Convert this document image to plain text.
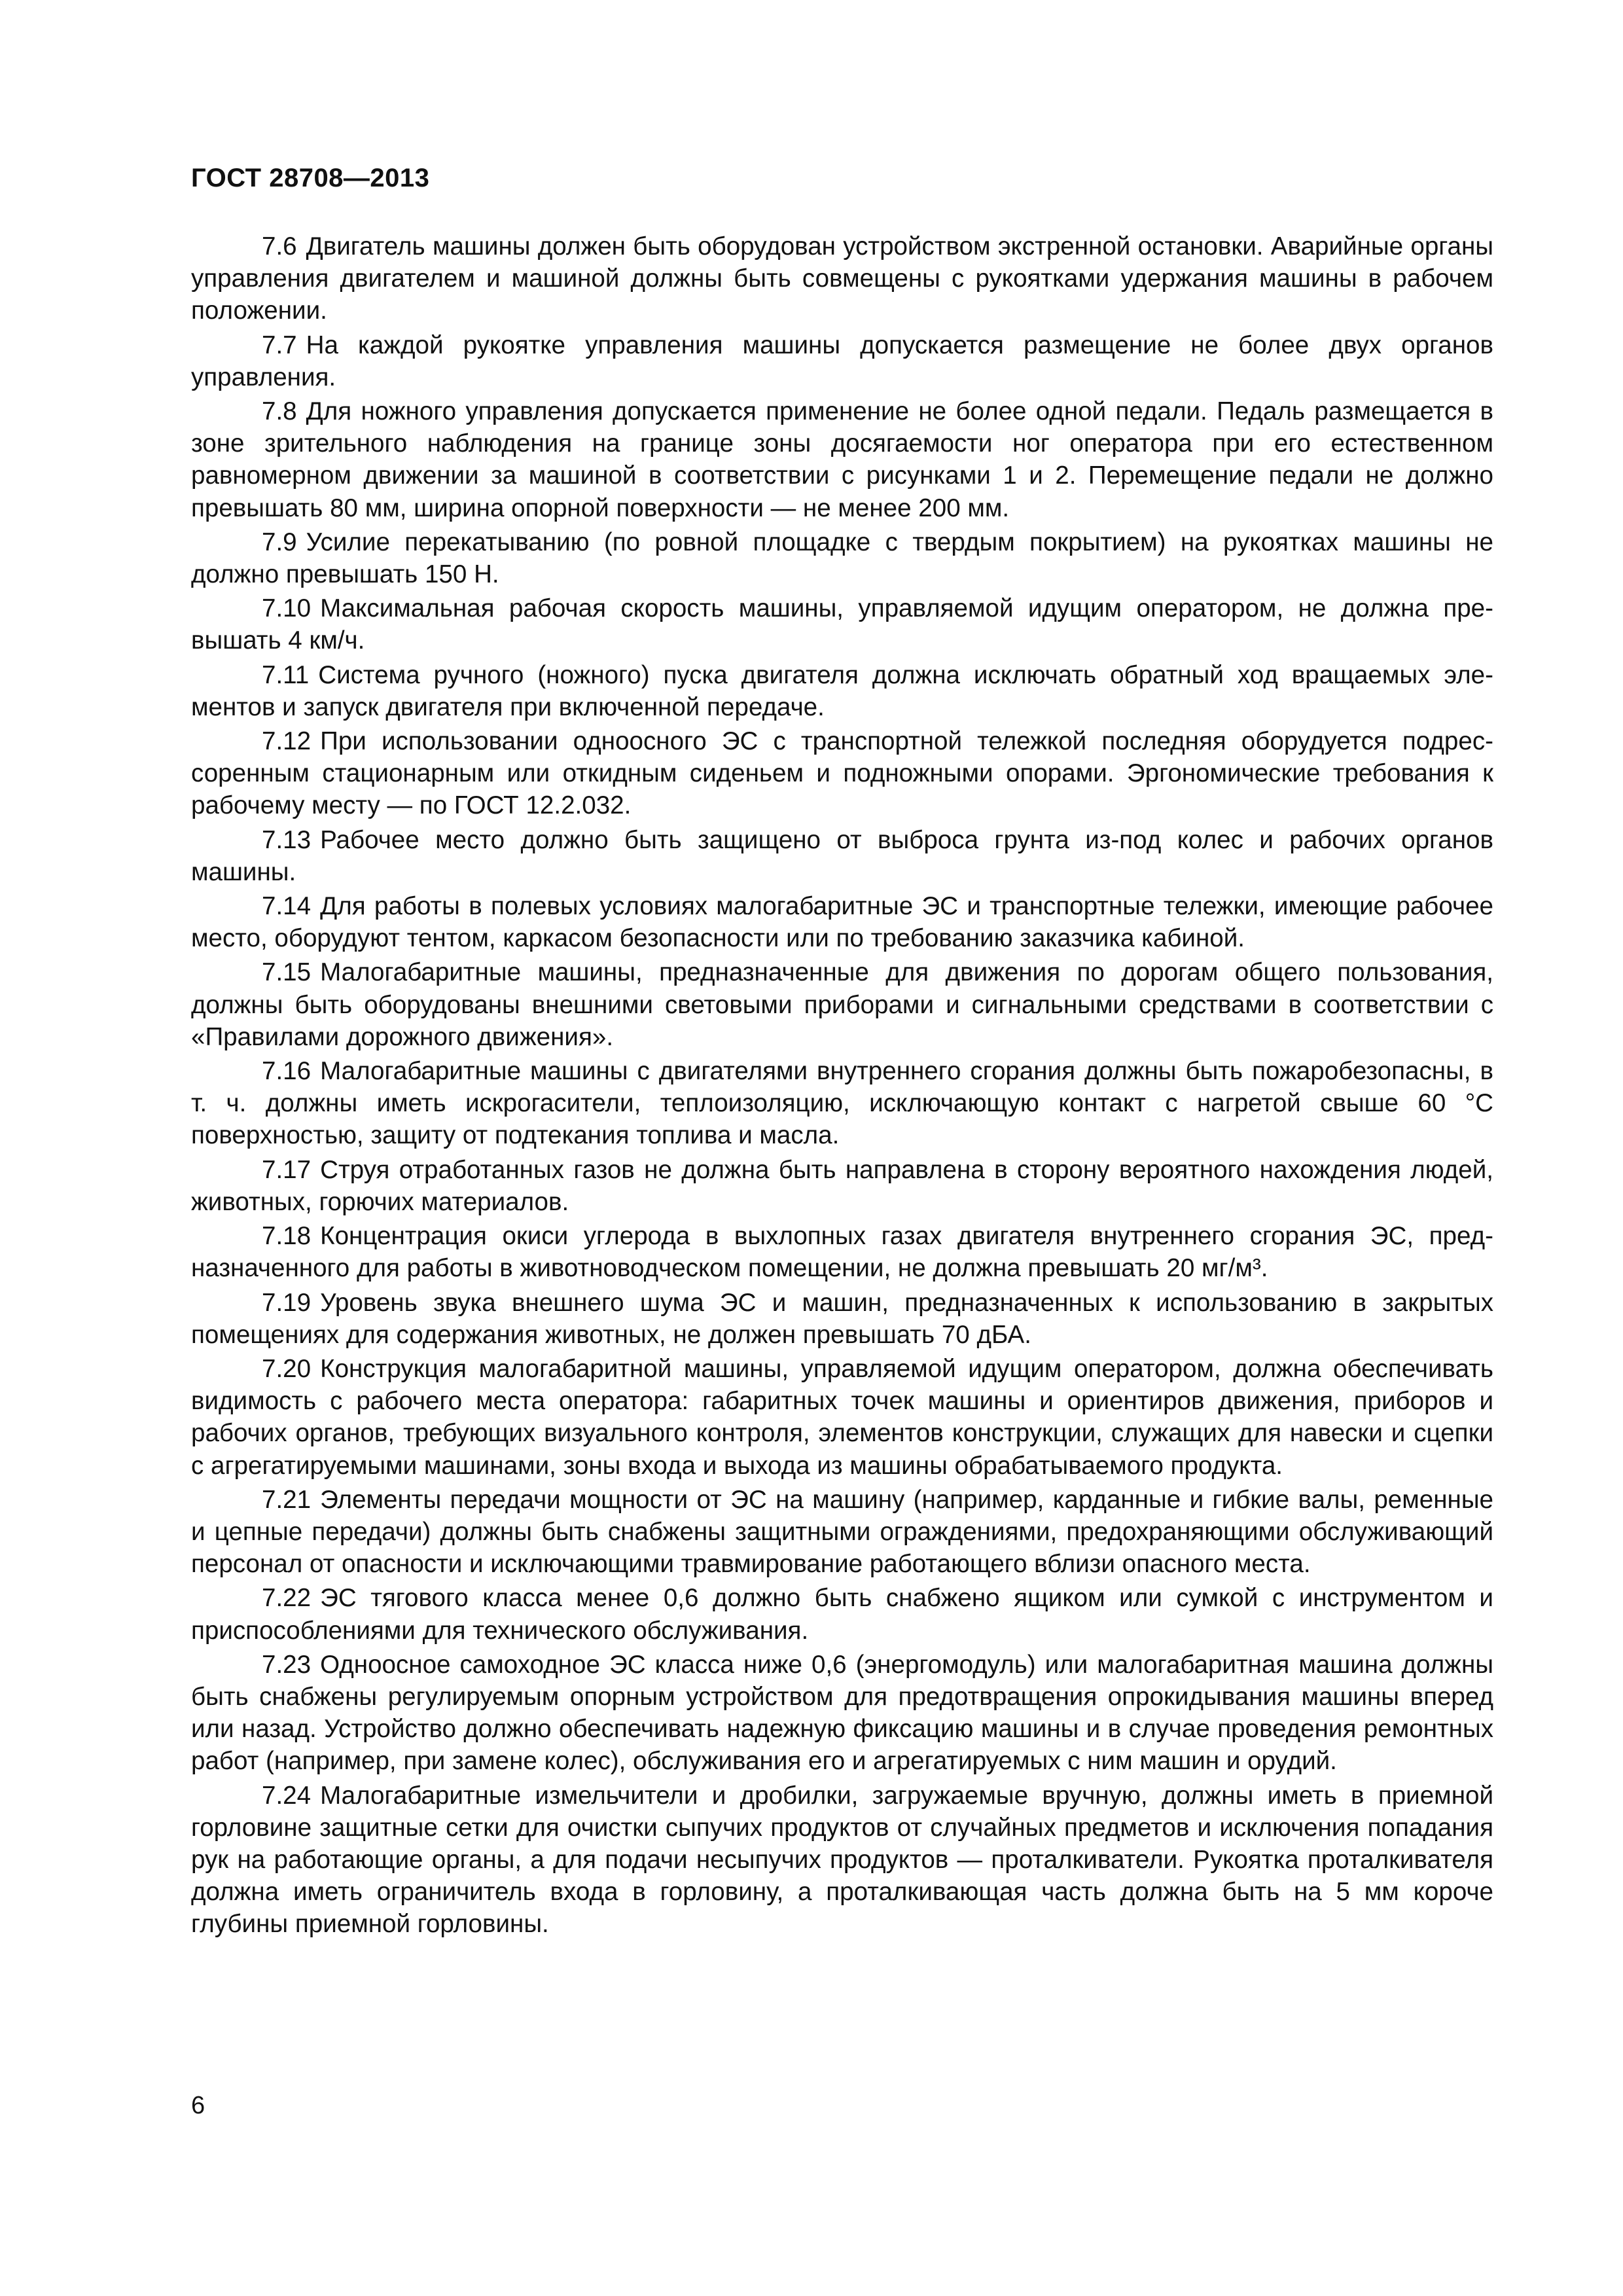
ГОСТ 28708—2013

7.6 Двигатель машины должен быть оборудован устройством экстренной остановки. Аварийные органы управления двигателем и машиной должны быть совмещены с рукоятками удержания машины в рабочем положении.

7.7 На каждой рукоятке управления машины допускается размещение не более двух органов управления.

7.8 Для ножного управления допускается применение не более одной педали. Педаль размещается в зоне зрительного наблюдения на границе зоны досягаемости ног оператора при его естественном равномерном движении за машиной в соответствии с рисунками 1 и 2. Перемещение педали не должно превышать 80 мм, ширина опорной поверхности — не менее 200 мм.

7.9 Усилие перекатыванию (по ровной площадке с твердым покрытием) на рукоятках машины не должно превышать 150 Н.

7.10 Максимальная рабочая скорость машины, управляемой идущим оператором, не должна превышать 4 км/ч.

7.11 Система ручного (ножного) пуска двигателя должна исключать обратный ход вращаемых элементов и запуск двигателя при включенной передаче.

7.12 При использовании одноосного ЭС с транспортной тележкой последняя оборудуется подрессоренным стационарным или откидным сиденьем и подножными опорами. Эргономические требования к рабочему месту — по ГОСТ 12.2.032.

7.13 Рабочее место должно быть защищено от выброса грунта из-под колес и рабочих органов машины.

7.14 Для работы в полевых условиях малогабаритные ЭС и транспортные тележки, имеющие рабочее место, оборудуют тентом, каркасом безопасности или по требованию заказчика кабиной.

7.15 Малогабаритные машины, предназначенные для движения по дорогам общего пользования, должны быть оборудованы внешними световыми приборами и сигнальными средствами в соответствии с «Правилами дорожного движения».

7.16 Малогабаритные машины с двигателями внутреннего сгорания должны быть пожаробезопасны, в т. ч. должны иметь искрогасители, теплоизоляцию, исключающую контакт с нагретой свыше 60 °С поверхностью, защиту от подтекания топлива и масла.

7.17 Струя отработанных газов не должна быть направлена в сторону вероятного нахождения людей, животных, горючих материалов.

7.18 Концентрация окиси углерода в выхлопных газах двигателя внутреннего сгорания ЭС, предназначенного для работы в животноводческом помещении, не должна превышать 20 мг/м³.

7.19 Уровень звука внешнего шума ЭС и машин, предназначенных к использованию в закрытых помещениях для содержания животных, не должен превышать 70 дБА.

7.20 Конструкция малогабаритной машины, управляемой идущим оператором, должна обеспечивать видимость с рабочего места оператора: габаритных точек машины и ориентиров движения, приборов и рабочих органов, требующих визуального контроля, элементов конструкции, служащих для навески и сцепки с агрегатируемыми машинами, зоны входа и выхода из машины обрабатываемого продукта.

7.21 Элементы передачи мощности от ЭС на машину (например, карданные и гибкие валы, ременные и цепные передачи) должны быть снабжены защитными ограждениями, предохраняющими обслуживающий персонал от опасности и исключающими травмирование работающего вблизи опасного места.

7.22 ЭС тягового класса менее 0,6 должно быть снабжено ящиком или сумкой с инструментом и приспособлениями для технического обслуживания.

7.23 Одноосное самоходное ЭС класса ниже 0,6 (энергомодуль) или малогабаритная машина должны быть снабжены регулируемым опорным устройством для предотвращения опрокидывания машины вперед или назад. Устройство должно обеспечивать надежную фиксацию машины и в случае проведения ремонтных работ (например, при замене колес), обслуживания его и агрегатируемых с ним машин и орудий.

7.24 Малогабаритные измельчители и дробилки, загружаемые вручную, должны иметь в приемной горловине защитные сетки для очистки сыпучих продуктов от случайных предметов и исключения попадания рук на работающие органы, а для подачи несыпучих продуктов — проталкиватели. Рукоятка проталкивателя должна иметь ограничитель входа в горловину, а проталкивающая часть должна быть на 5 мм короче глубины приемной горловины.

6
